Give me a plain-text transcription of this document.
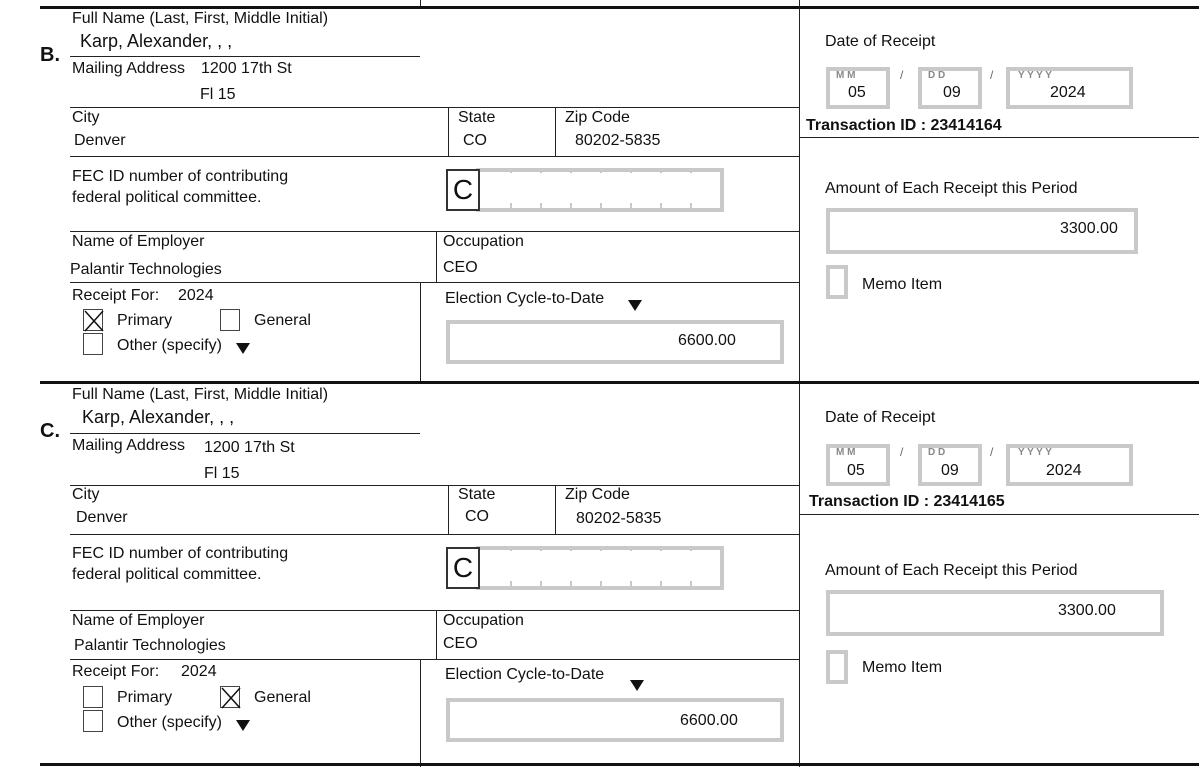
Full Name (Last, First, Middle Initial)
Karp, Alexander, , ,
B.
Mailing Address 1200 17th St
Fl 15
City
Denver
State
CO
Zip Code
80202-5835
FEC ID number of contributing
federal political committee.	C
Name of Employer
Palantir Technologies
Occupation
CEO
Receipt For: 2024
Primary	General
Other (specify)
Election Cycle-to-Date
6600.00
Date of Receipt
M M
05
/ D D
09
/ Y Y Y Y
2024
Transaction ID : 23414164
Amount of Each Receipt this Period
3300.00
Memo Item
Full Name (Last, First, Middle Initial)
Karp, Alexander, , ,
C.
Mailing Address 1200 17th St
Fl 15
City
Denver
State
CO
Zip Code
80202-5835
FEC ID number of contributing
federal political committee.	C
Name of Employer
Palantir Technologies
Occupation
CEO
Receipt For: 2024
Primary	General
Other (specify)
Election Cycle-to-Date
6600.00
Date of Receipt
M M
05
/ D D
09
/ Y Y Y Y
2024
Transaction ID : 23414165
Amount of Each Receipt this Period
3300.00
Memo Item
